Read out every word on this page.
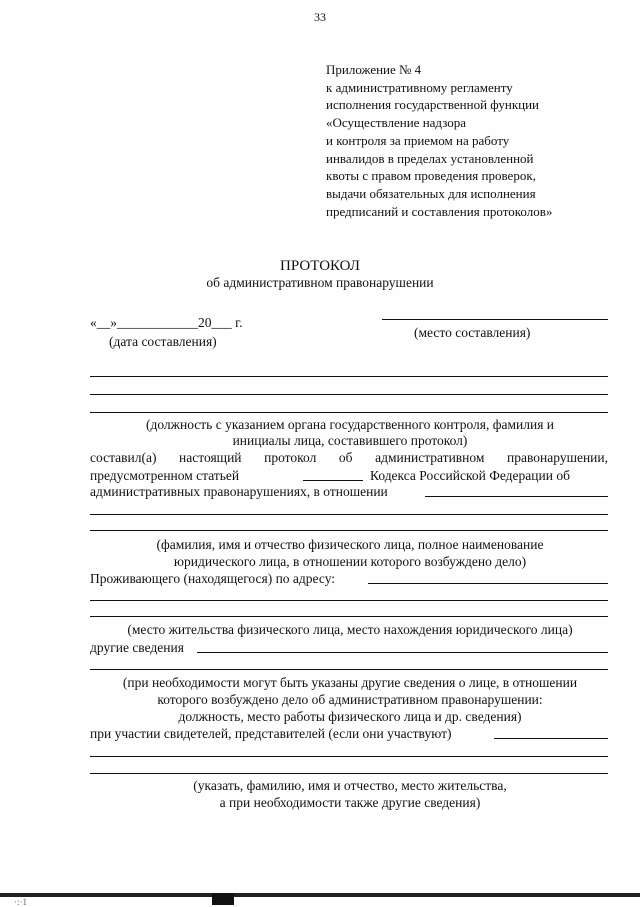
33
Приложение № 4
к административному регламенту
исполнения государственной функции
«Осуществление надзора
и контроля за приемом на работу
инвалидов в пределах установленной
квоты с правом проведения проверок,
выдачи обязательных для исполнения
предписаний и составления протоколов»
ПРОТОКОЛ
об административном правонарушении
«__»____________20___ г.
(дата составления)
(место составления)
(должность с указанием органа государственного контроля, фамилия и
инициалы лица, составившего протокол)
составил(а) настоящий протокол об административном правонарушении,
предусмотренном статьей	Кодекса Российской Федерации об
административных правонарушениях, в отношении
(фамилия, имя и отчество физического лица, полное наименование
юридического лица, в отношении которого возбуждено дело)
Проживающего (находящегося) по адресу:
(место жительства физического лица, место нахождения юридического лица)
другие сведения
(при необходимости могут быть указаны другие сведения о лице, в отношении
которого возбуждено дело об административном правонарушении:
должность, место работы физического лица и др. сведения)
при участии свидетелей, представителей (если они участвуют)
(указать, фамилию, имя и отчество, место жительства,
а при необходимости также другие сведения)
·:·1
